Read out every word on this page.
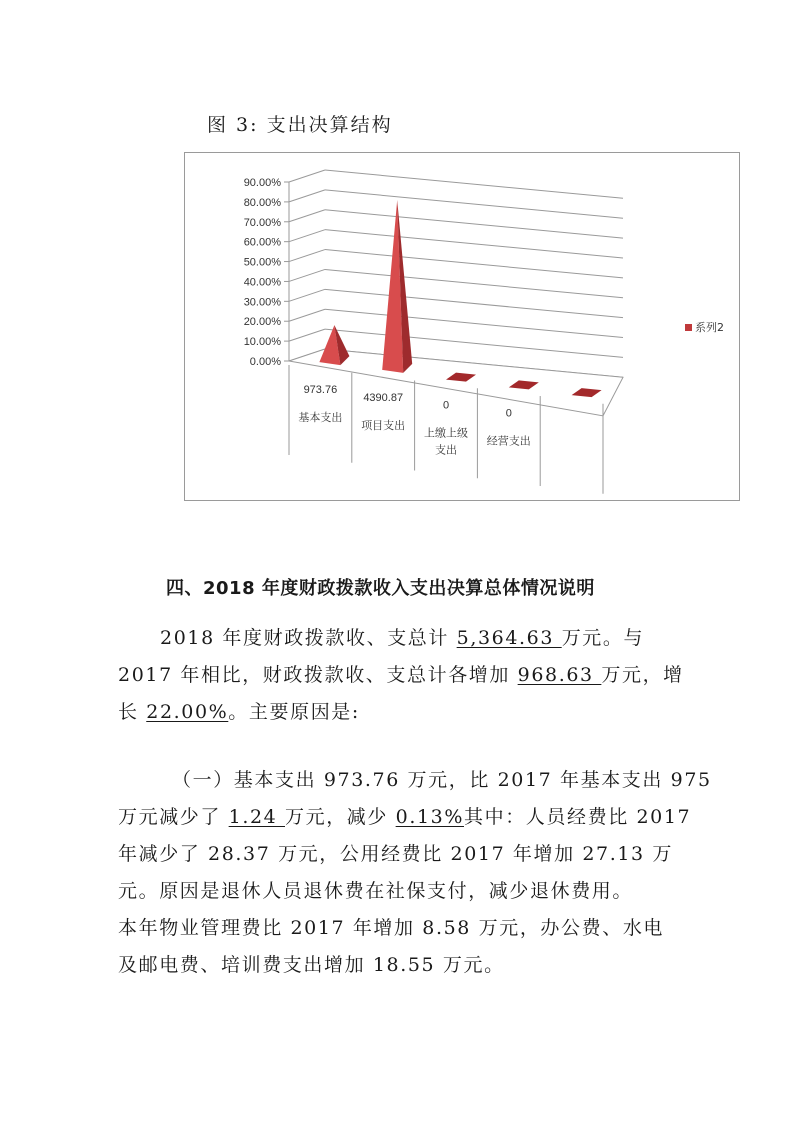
图 3: 支出决算结构
0.00%
10.00%
20.00%
30.00%
40.00%
50.00%
60.00%
70.00%
80.00%
90.00%
973.76
基本支出
4390.87
项目支出
0
上缴上级
支出
0
经营支出
系列2
四、2018 年度财政拨款收入支出决算总体情况说明
2018 年度财政拨款收、支总计 5,364.63 万元。与
2017 年相比，财政拨款收、支总计各增加 968.63 万元，增
长 22.00%。主要原因是:
（一）基本支出 973.76 万元，比 2017 年基本支出 975
万元减少了 1.24 万元，减少 0.13%其中：人员经费比 2017
年减少了 28.37 万元，公用经费比 2017 年增加 27.13 万
元。原因是退休人员退休费在社保支付，减少退休费用。
本年物业管理费比 2017 年增加 8.58 万元，办公费、水电
及邮电费、培训费支出增加 18.55 万元。
